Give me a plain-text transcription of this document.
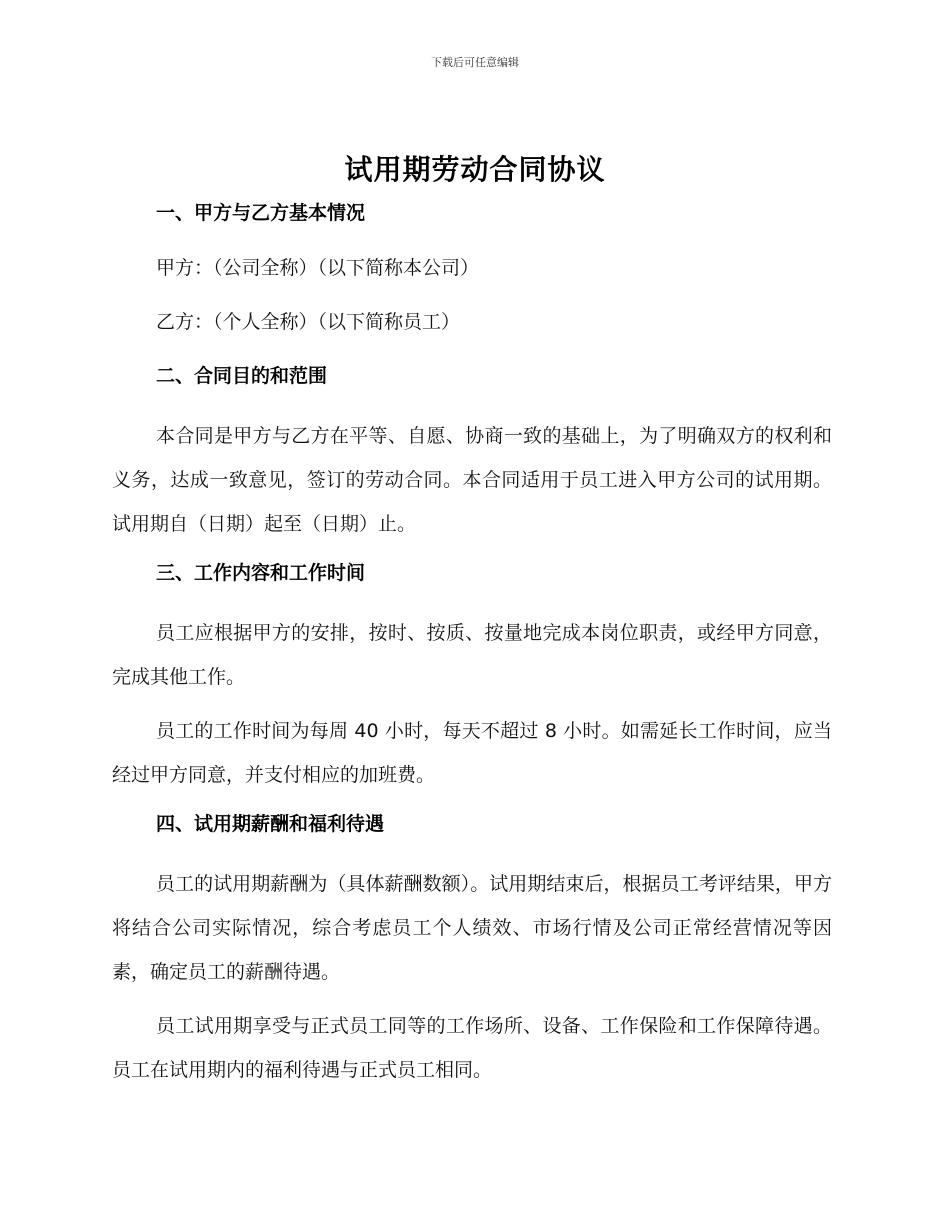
下载后可任意编辑
试用期劳动合同协议
一、甲方与乙方基本情况
甲方：（公司全称）（以下简称本公司）
乙方：（个人全称）（以下简称员工）
二、合同目的和范围
本合同是甲方与乙方在平等、自愿、协商一致的基础上，为了明确双方的权利和义务，达成一致意见，签订的劳动合同。本合同适用于员工进入甲方公司的试用期。试用期自（日期）起至（日期）止。
三、工作内容和工作时间
员工应根据甲方的安排，按时、按质、按量地完成本岗位职责，或经甲方同意，完成其他工作。
员工的工作时间为每周 40 小时，每天不超过 8 小时。如需延长工作时间，应当经过甲方同意，并支付相应的加班费。
四、试用期薪酬和福利待遇
员工的试用期薪酬为（具体薪酬数额）。试用期结束后，根据员工考评结果，甲方将结合公司实际情况，综合考虑员工个人绩效、市场行情及公司正常经营情况等因素，确定员工的薪酬待遇。
员工试用期享受与正式员工同等的工作场所、设备、工作保险和工作保障待遇。员工在试用期内的福利待遇与正式员工相同。
